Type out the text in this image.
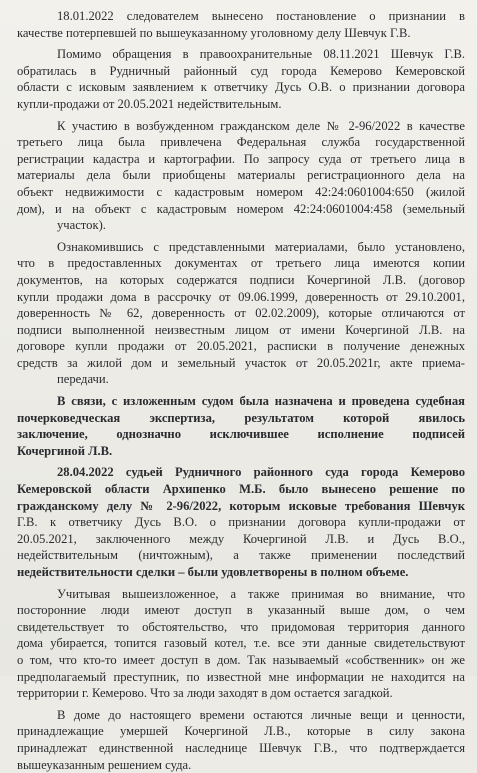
18.01.2022 следователем вынесено постановление о признании в
качестве потерпевшей по вышеуказанному уголовному делу Шевчук Г.В.

Помимо обращения в правоохранительные 08.11.2021 Шевчук Г.В.
обратилась в Рудничный районный суд города Кемерово Кемеровской
области с исковым заявлением к ответчику Дусь О.В. о признании договора
купли-продажи от 20.05.2021 недействительным.

К участию в возбужденном гражданском деле № 2-96/2022 в качестве
третьего лица была привлечена Федеральная служба государственной
регистрации кадастра и картографии. По запросу суда от третьего лица в
материалы дела были приобщены материалы регистрационного дела на
объект недвижимости с кадастровым номером 42:24:0601004:650 (жилой
дом), и на объект с кадастровым номером 42:24:0601004:458 (земельный
участок).

Ознакомившись с представленными материалами, было установлено,
что в предоставленных документах от третьего лица имеются копии
документов, на которых содержатся подписи Кочергиной Л.В. (договор
купли продажи дома в рассрочку от 09.06.1999, доверенность от 29.10.2001,
доверенность № 62, доверенность от 02.02.2009), которые отличаются от
подписи выполненной неизвестным лицом от имени Кочергиной Л.В. на
договоре купли продажи от 20.05.2021, расписки в получение денежных
средств за жилой дом и земельный участок от 20.05.2021г, акте приема-
передачи.

В связи, с изложенным судом была назначена и проведена судебная
почерковедческая экспертиза, результатом которой явилось
заключение, однозначно исключившее исполнение подписей
Кочергиной Л.В.

28.04.2022 судьей Рудничного районного суда города Кемерово
Кемеровской области Архипенко М.Б. было вынесено решение по
гражданскому делу № 2-96/2022, которым исковые требования Шевчук
Г.В. к ответчику Дусь В.О. о признании договора купли-продажи от
20.05.2021, заключенного между Кочергиной Л.В. и Дусь В.О.,
недействительным (ничтожным), а также применении последствий
недействительности сделки – были удовлетворены в полном объеме.

Учитывая вышеизложенное, а также принимая во внимание, что
посторонние люди имеют доступ в указанный выше дом, о чем
свидетельствует то обстоятельство, что придомовая территория данного
дома убирается, топится газовый котел, т.е. все эти данные свидетельствуют
о том, что кто-то имеет доступ в дом. Так называемый «собственник» он же
предполагаемый преступник, по известной мне информации не находится на
территории г. Кемерово. Что за люди заходят в дом остается загадкой.

В доме до настоящего времени остаются личные вещи и ценности,
принадлежащие умершей Кочергиной Л.В., которые в силу закона
принадлежат единственной наследнице Шевчук Г.В., что подтверждается
вышеуказанным решением суда.
